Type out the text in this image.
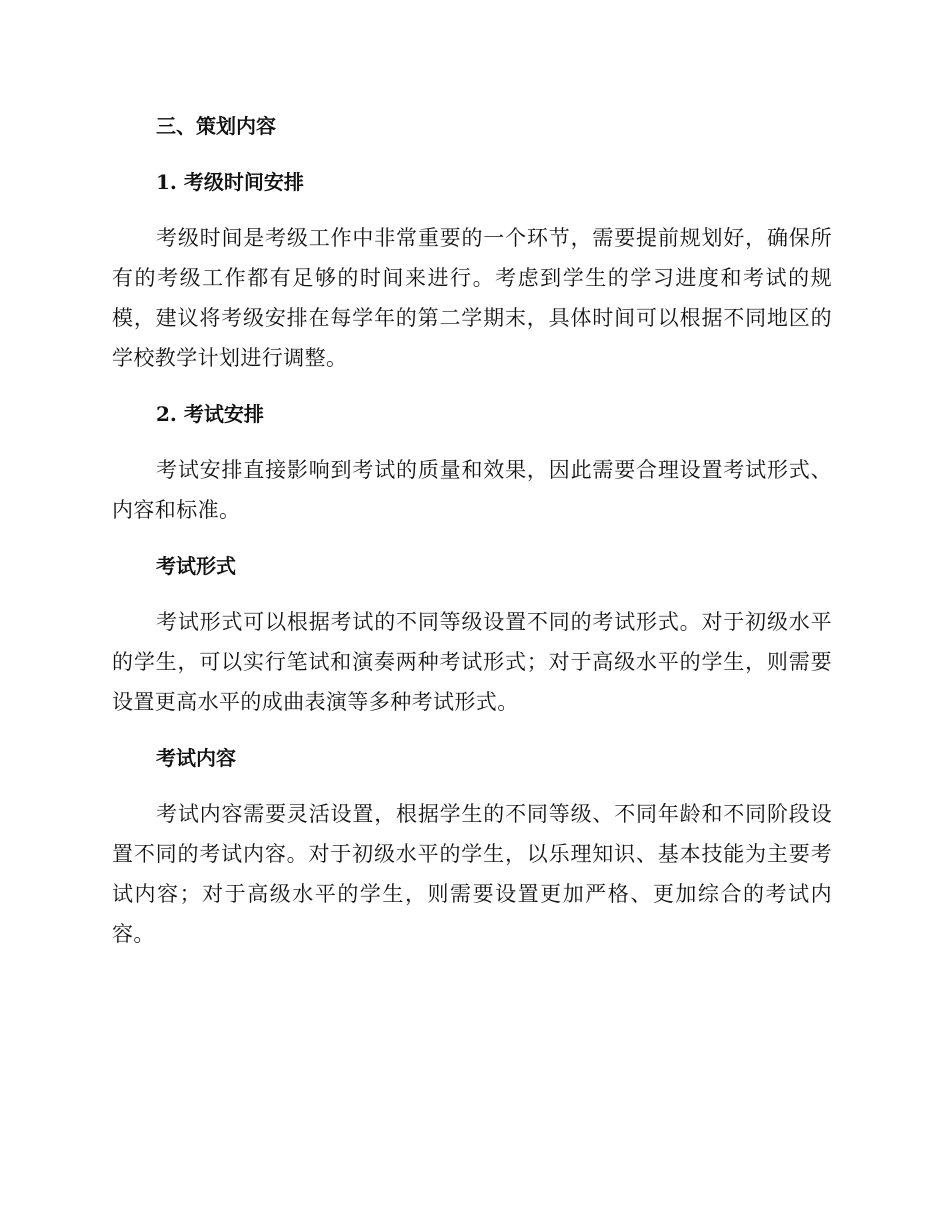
三、策划内容

1. 考级时间安排

考级时间是考级工作中非常重要的一个环节，需要提前规划好，确保所有的考级工作都有足够的时间来进行。考虑到学生的学习进度和考试的规模，建议将考级安排在每学年的第二学期末，具体时间可以根据不同地区的学校教学计划进行调整。

2. 考试安排

考试安排直接影响到考试的质量和效果，因此需要合理设置考试形式、内容和标准。

考试形式

考试形式可以根据考试的不同等级设置不同的考试形式。对于初级水平的学生，可以实行笔试和演奏两种考试形式；对于高级水平的学生，则需要设置更高水平的成曲表演等多种考试形式。

考试内容

考试内容需要灵活设置，根据学生的不同等级、不同年龄和不同阶段设置不同的考试内容。对于初级水平的学生，以乐理知识、基本技能为主要考试内容；对于高级水平的学生，则需要设置更加严格、更加综合的考试内容。
